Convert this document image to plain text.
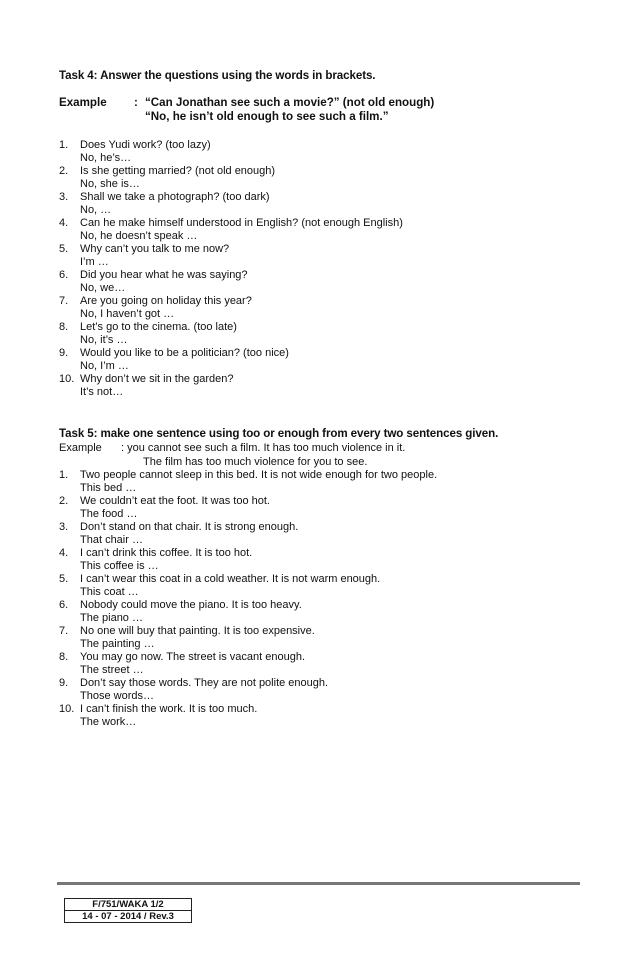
Task 4: Answer the questions using the words in brackets.
Example : “Can Jonathan see such a movie?” (not old enough)
“No, he isn’t old enough to see such a film.”
1. Does Yudi work? (too lazy)
No, he’s…
2. Is she getting married? (not old enough)
No, she is…
3. Shall we take a photograph? (too dark)
No, …
4. Can he make himself understood in English? (not enough English)
No, he doesn’t speak …
5. Why can’t you talk to me now?
I’m …
6. Did you hear what he was saying?
No, we…
7. Are you going on holiday this year?
No, I haven’t got …
8. Let’s go to the cinema. (too late)
No, it’s …
9. Would you like to be a politician? (too nice)
No, I’m …
10. Why don’t we sit in the garden?
It’s not…
Task 5: make one sentence using too or enough from every two sentences given.
Example : you cannot see such a film. It has too much violence in it.
The film has too much violence for you to see.
1. Two people cannot sleep in this bed. It is not wide enough for two people.
This bed …
2. We couldn’t eat the foot. It was too hot.
The food …
3. Don’t stand on that chair. It is strong enough.
That chair …
4. I can’t drink this coffee. It is too hot.
This coffee is …
5. I can’t wear this coat in a cold weather. It is not warm enough.
This coat …
6. Nobody could move the piano. It is too heavy.
The piano …
7. No one will buy that painting. It is too expensive.
The painting …
8. You may go now. The street is vacant enough.
The street …
9. Don’t say those words. They are not polite enough.
Those words…
10. I can’t finish the work. It is too much.
The work…
F/751/WAKA 1/2
14 - 07 - 2014 / Rev.3
